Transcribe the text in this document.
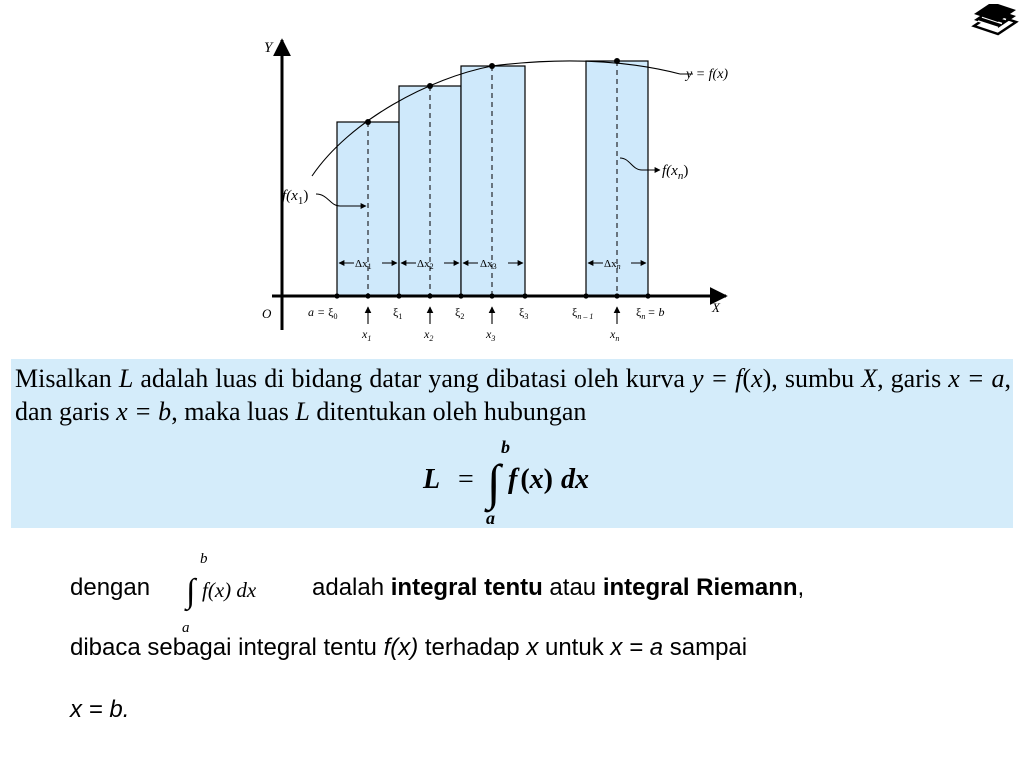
Y
X
O
Δx1	Δx2	Δx3	Δxn
y = f(x)
$f(x_1)$
$f(x_n)$
$a = \xi_0$	$\xi_1$	$\xi_2$	$\xi_3$	$\xi_{n - 1}$	$\xi_n = b$
$x_1$	$x_2$	$x_3$	$x_n$

Misalkan L adalah luas di bidang datar yang dibatasi oleh kurva y = f(x), sumbu X, garis x = a, dan garis x = b, maka luas L ditentukan oleh hubungan

L =
b
∫
a
f (x) dx
dengan
b
∫
a
f(x) dx adalah integral tentu atau integral Riemann,
dibaca sebagai integral tentu f(x) terhadap x untuk x = a sampai
x = b.
